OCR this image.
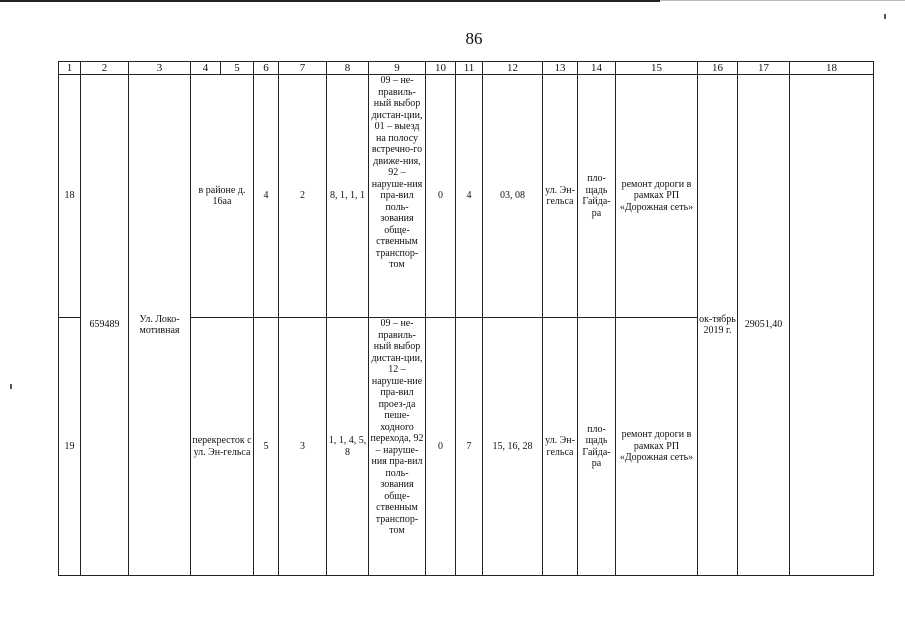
86
1	2	3	4	5	6	7	8	9	10	11	12	13	14	15	16	17	18
18	659489	Ул. Локо-мотивная	в районе д. 16аа		4	2	8, 1, 1, 1	09 – не-правиль-ный выбор дистан-ции, 01 – выезд на полосу встречно-го движе-ния, 92 – наруше-ния пра-вил поль-зования обще-ственным транспор-том	0	4	03, 08	ул. Эн-гельса	пло-щадь Гайда-ра	ремонт дороги в рамках РП «Дорожная сеть»	ок-тябрь 2019 г.	29051,40	
19			перекресток с ул. Эн-гельса		5	3	1, 1, 4, 5, 8	09 – не-правиль-ный выбор дистан-ции, 12 – наруше-ние пра-вил проез-да пеше-ходного перехода, 92 – наруше-ния пра-вил поль-зования обще-ственным транспор-том	0	7	15, 16, 28	ул. Эн-гельса	пло-щадь Гайда-ра	ремонт дороги в рамках РП «Дорожная сеть»			
